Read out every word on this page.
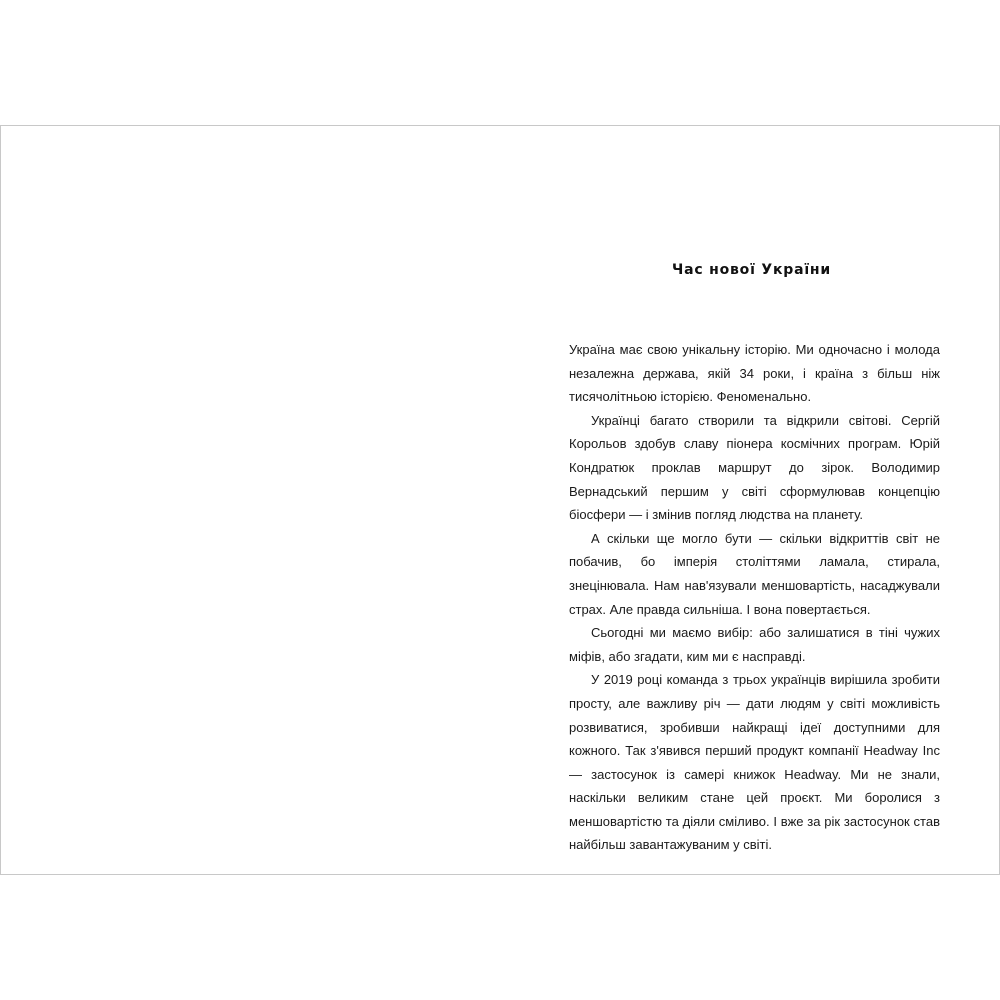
Час нової України

Україна має свою унікальну історію. Ми одночасно і молода незалежна держава, якій 34 роки, і країна з більш ніж тисячолітньою історією. Феноменально.

Українці багато створили та відкрили світові. Сергій Корольов здобув славу піонера космічних програм. Юрій Кондратюк проклав маршрут до зірок. Володимир Вернадський першим у світі сформулював концепцію біосфери — і змінив погляд людства на планету.

А скільки ще могло бути — скільки відкриттів світ не побачив, бо імперія століттями ламала, стирала, знецінювала. Нам нав'язували меншовартість, насаджували страх. Але правда сильніша. І вона повертається.

Сьогодні ми маємо вибір: або залишатися в тіні чужих міфів, або згадати, ким ми є насправді.

У 2019 році команда з трьох українців вирішила зробити просту, але важливу річ — дати людям у світі можливість розвиватися, зробивши найкращі ідеї доступними для кожного. Так з'явився перший продукт компанії Headway Inc — застосунок із самері книжок Headway. Ми не знали, наскільки великим стане цей проєкт. Ми боролися з меншовартістю та діяли сміливо. І вже за рік застосунок став найбільш завантажуваним у світі.
